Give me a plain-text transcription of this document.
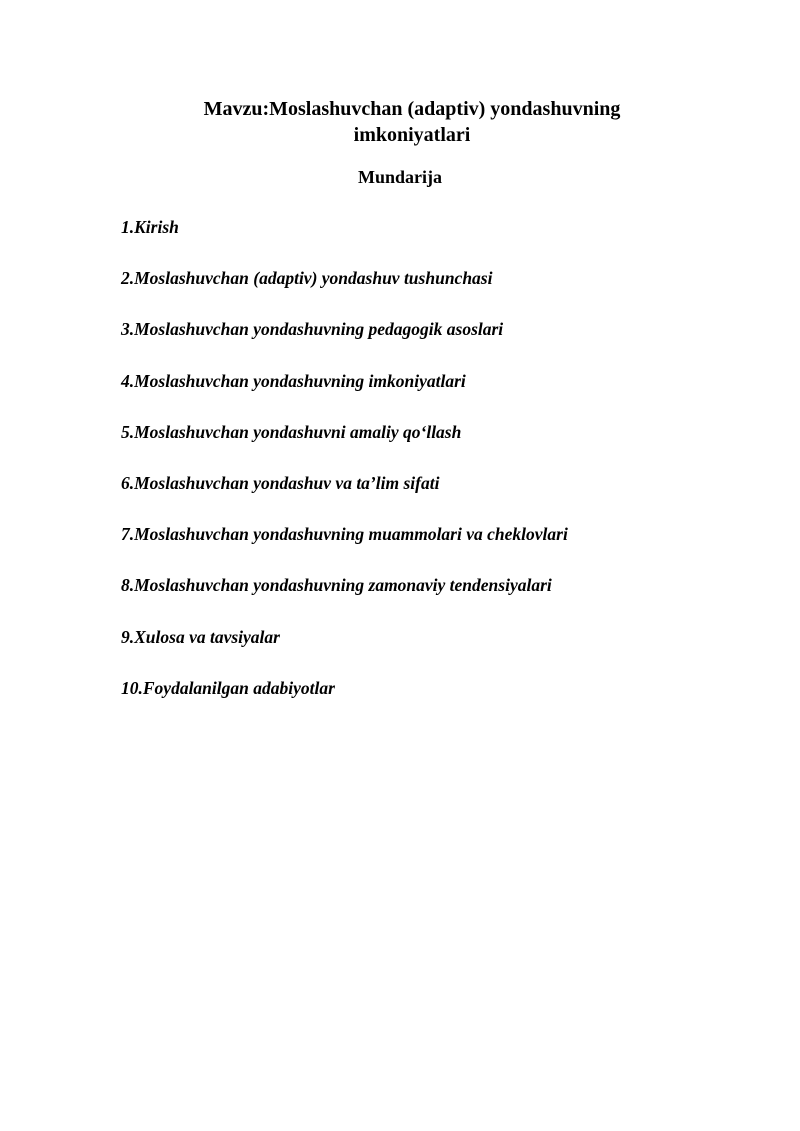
Mavzu:Moslashuvchan (adaptiv) yondashuvning
imkoniyatlari
Mundarija
1.Kirish
2.Moslashuvchan (adaptiv) yondashuv tushunchasi
3.Moslashuvchan yondashuvning pedagogik asoslari
4.Moslashuvchan yondashuvning imkoniyatlari
5.Moslashuvchan yondashuvni amaliy qo‘llash
6.Moslashuvchan yondashuv va ta’lim sifati
7.Moslashuvchan yondashuvning muammolari va cheklovlari
8.Moslashuvchan yondashuvning zamonaviy tendensiyalari
9.Xulosa va tavsiyalar
10.Foydalanilgan adabiyotlar
